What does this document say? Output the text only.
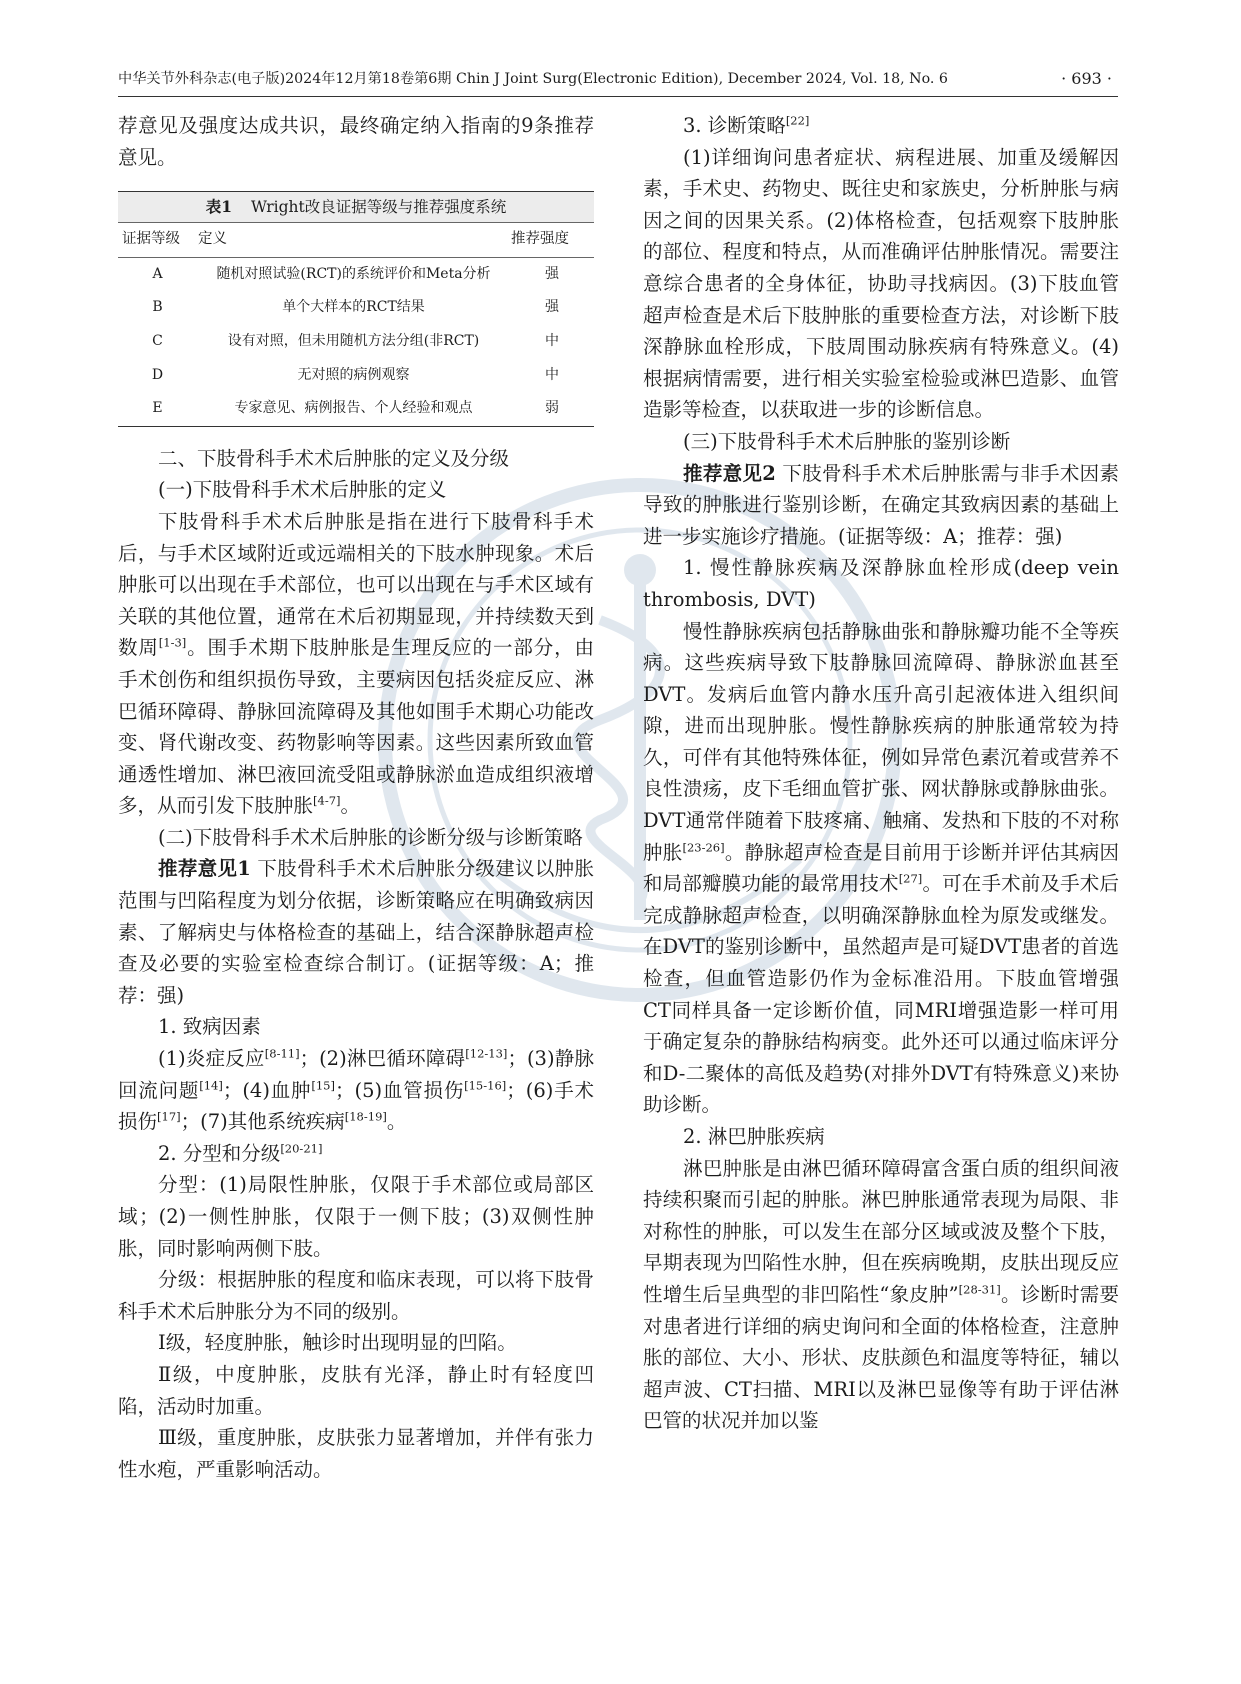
中华关节外科杂志(电子版)2024年12月第18卷第6期 Chin J Joint Surg(Electronic Edition), December 2024, Vol. 18, No. 6	· 693 ·

荐意见及强度达成共识，最终确定纳入指南的9条推荐意见。

表1 Wright改良证据等级与推荐强度系统
证据等级	定义	推荐强度
A	随机对照试验(RCT)的系统评价和Meta分析	强
B	单个大样本的RCT结果	强
C	设有对照，但未用随机方法分组(非RCT)	中
D	无对照的病例观察	中
E	专家意见、病例报告、个人经验和观点	弱

二、下肢骨科手术术后肿胀的定义及分级

(一)下肢骨科手术术后肿胀的定义

下肢骨科手术术后肿胀是指在进行下肢骨科手术后，与手术区域附近或远端相关的下肢水肿现象。术后肿胀可以出现在手术部位，也可以出现在与手术区域有关联的其他位置，通常在术后初期显现，并持续数天到数周[1-3]。围手术期下肢肿胀是生理反应的一部分，由手术创伤和组织损伤导致，主要病因包括炎症反应、淋巴循环障碍、静脉回流障碍及其他如围手术期心功能改变、肾代谢改变、药物影响等因素。这些因素所致血管通透性增加、淋巴液回流受阻或静脉淤血造成组织液增多，从而引发下肢肿胀[4-7]。

(二)下肢骨科手术术后肿胀的诊断分级与诊断策略

推荐意见1 下肢骨科手术术后肿胀分级建议以肿胀范围与凹陷程度为划分依据，诊断策略应在明确致病因素、了解病史与体格检查的基础上，结合深静脉超声检查及必要的实验室检查综合制订。(证据等级：A；推荐：强)

1. 致病因素

(1)炎症反应[8-11]；(2)淋巴循环障碍[12-13]；(3)静脉回流问题[14]；(4)血肿[15]；(5)血管损伤[15-16]；(6)手术损伤[17]；(7)其他系统疾病[18-19]。

2. 分型和分级[20-21]

分型：(1)局限性肿胀，仅限于手术部位或局部区域；(2)一侧性肿胀，仅限于一侧下肢；(3)双侧性肿胀，同时影响两侧下肢。

分级：根据肿胀的程度和临床表现，可以将下肢骨科手术术后肿胀分为不同的级别。

Ⅰ级，轻度肿胀，触诊时出现明显的凹陷。

Ⅱ级，中度肿胀，皮肤有光泽，静止时有轻度凹陷，活动时加重。

Ⅲ级，重度肿胀，皮肤张力显著增加，并伴有张力性水疱，严重影响活动。

3. 诊断策略[22]

(1)详细询问患者症状、病程进展、加重及缓解因素，手术史、药物史、既往史和家族史，分析肿胀与病因之间的因果关系。(2)体格检查，包括观察下肢肿胀的部位、程度和特点，从而准确评估肿胀情况。需要注意综合患者的全身体征，协助寻找病因。(3)下肢血管超声检查是术后下肢肿胀的重要检查方法，对诊断下肢深静脉血栓形成，下肢周围动脉疾病有特殊意义。(4)根据病情需要，进行相关实验室检验或淋巴造影、血管造影等检查，以获取进一步的诊断信息。

(三)下肢骨科手术术后肿胀的鉴别诊断

推荐意见2 下肢骨科手术术后肿胀需与非手术因素导致的肿胀进行鉴别诊断，在确定其致病因素的基础上进一步实施诊疗措施。(证据等级：A；推荐：强)

1. 慢性静脉疾病及深静脉血栓形成(deep vein thrombosis, DVT)

慢性静脉疾病包括静脉曲张和静脉瓣功能不全等疾病。这些疾病导致下肢静脉回流障碍、静脉淤血甚至DVT。发病后血管内静水压升高引起液体进入组织间隙，进而出现肿胀。慢性静脉疾病的肿胀通常较为持久，可伴有其他特殊体征，例如异常色素沉着或营养不良性溃疡，皮下毛细血管扩张、网状静脉或静脉曲张。DVT通常伴随着下肢疼痛、触痛、发热和下肢的不对称肿胀[23-26]。静脉超声检查是目前用于诊断并评估其病因和局部瓣膜功能的最常用技术[27]。可在手术前及手术后完成静脉超声检查，以明确深静脉血栓为原发或继发。在DVT的鉴别诊断中，虽然超声是可疑DVT患者的首选检查，但血管造影仍作为金标准沿用。下肢血管增强CT同样具备一定诊断价值，同MRI增强造影一样可用于确定复杂的静脉结构病变。此外还可以通过临床评分和D-二聚体的高低及趋势(对排外DVT有特殊意义)来协助诊断。

2. 淋巴肿胀疾病

淋巴肿胀是由淋巴循环障碍富含蛋白质的组织间液持续积聚而引起的肿胀。淋巴肿胀通常表现为局限、非对称性的肿胀，可以发生在部分区域或波及整个下肢，早期表现为凹陷性水肿，但在疾病晚期，皮肤出现反应性增生后呈典型的非凹陷性“象皮肿”[28-31]。诊断时需要对患者进行详细的病史询问和全面的体格检查，注意肿胀的部位、大小、形状、皮肤颜色和温度等特征，辅以超声波、CT扫描、MRI以及淋巴显像等有助于评估淋巴管的状况并加以鉴
